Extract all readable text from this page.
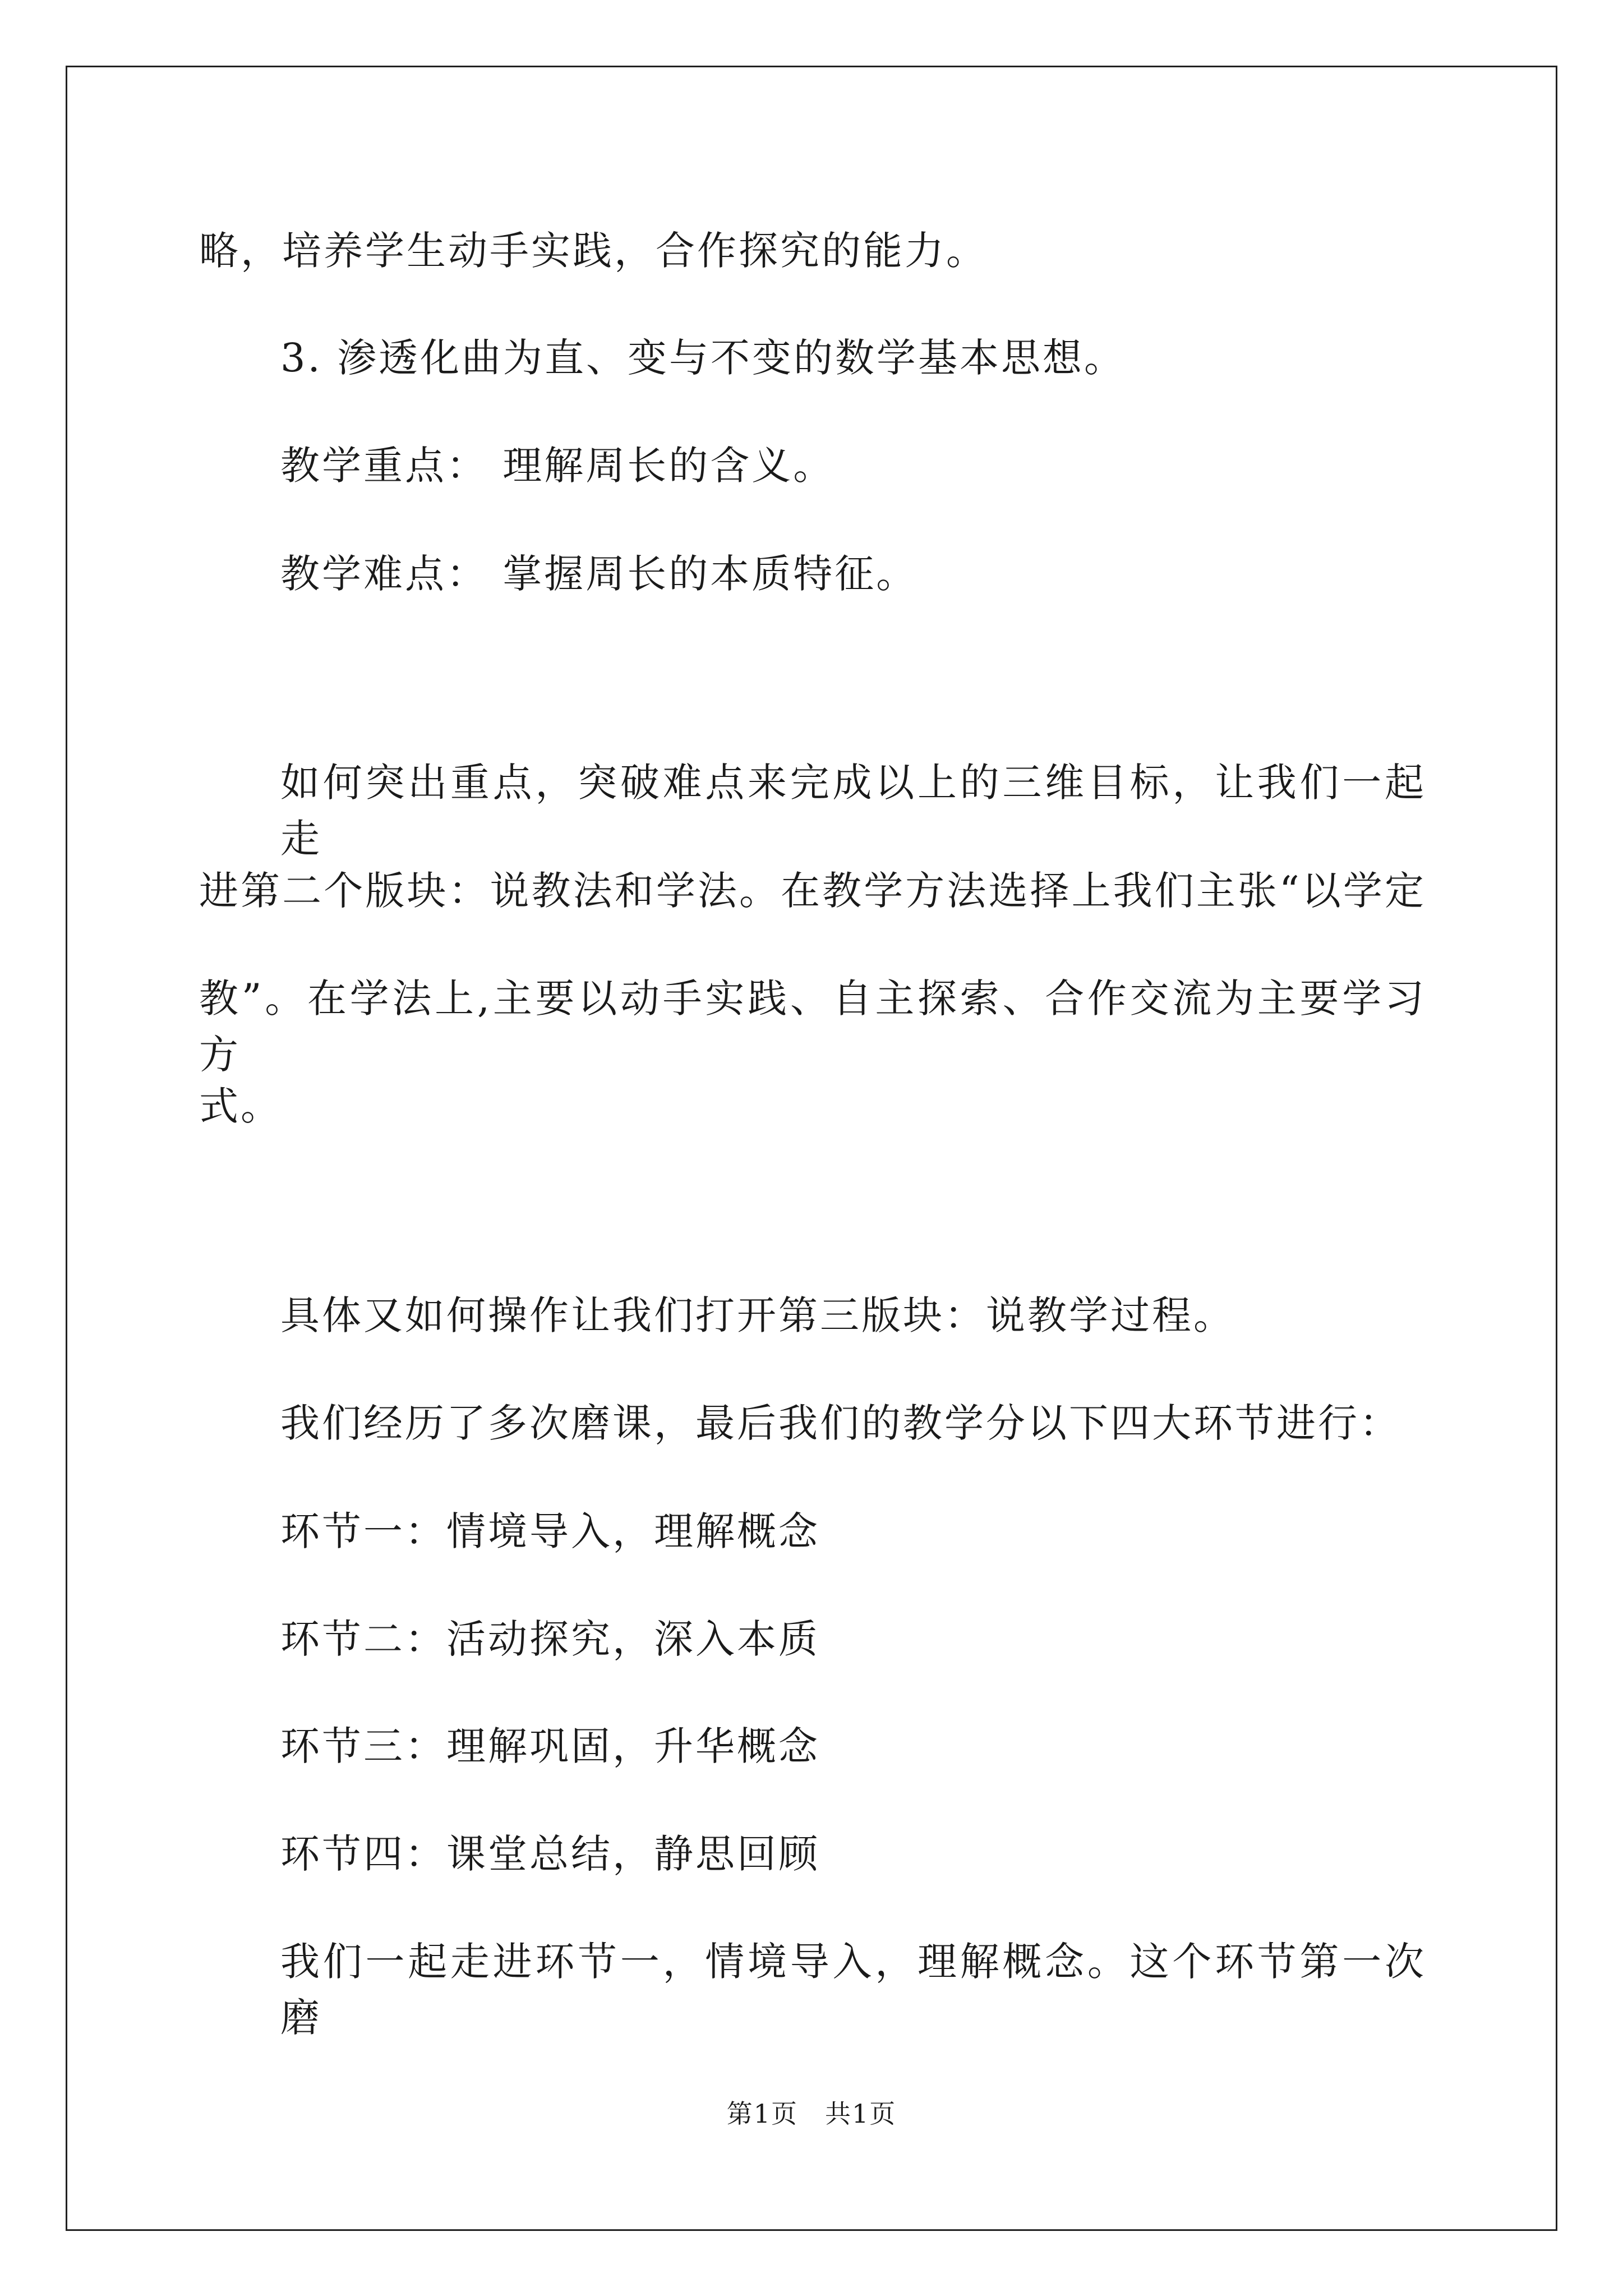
略，培养学生动手实践，合作探究的能力。
3. 渗透化曲为直、变与不变的数学基本思想。
教学重点： 理解周长的含义。
教学难点： 掌握周长的本质特征。
如何突出重点，突破难点来完成以上的三维目标，让我们一起走
进第二个版块：说教法和学法。在教学方法选择上我们主张“以学定
教”。在学法上,主要以动手实践、自主探索、合作交流为主要学习方
式。
具体又如何操作让我们打开第三版块：说教学过程。
我们经历了多次磨课，最后我们的教学分以下四大环节进行：
环节一：情境导入，理解概念
环节二：活动探究，深入本质
环节三：理解巩固，升华概念
环节四：课堂总结，静思回顾
我们一起走进环节一，情境导入，理解概念。这个环节第一次磨
第1页　共1页
